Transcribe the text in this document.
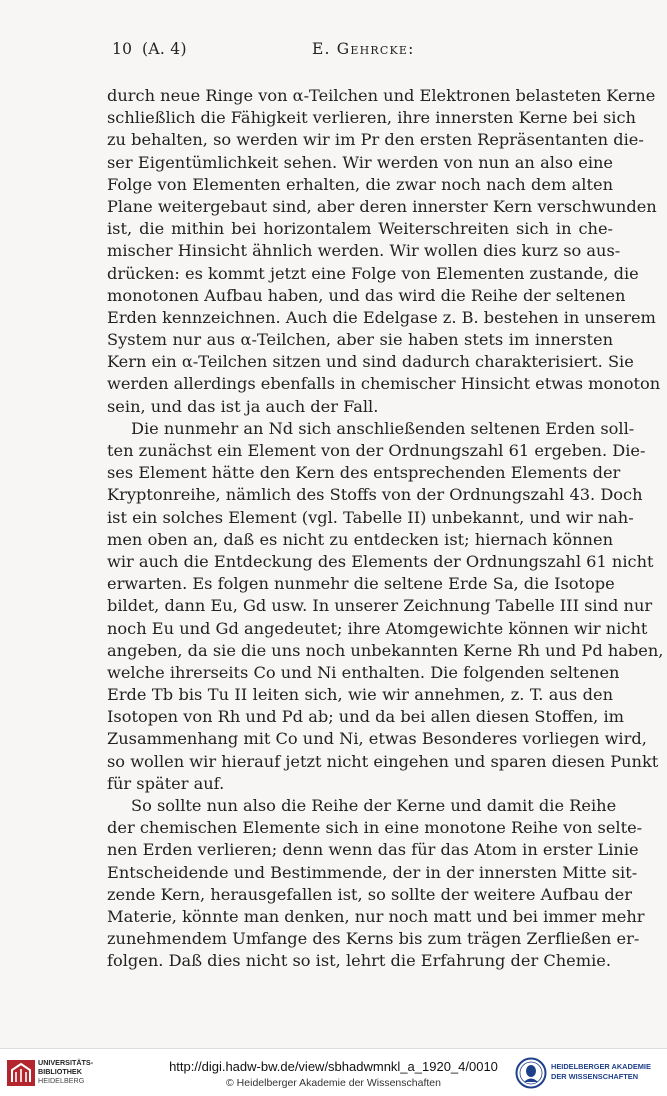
10 (A. 4)	E. Gehrcke:
durch neue Ringe von α-Teilchen und Elektronen belasteten Kerne
schließlich die Fähigkeit verlieren, ihre innersten Kerne bei sich
zu behalten, so werden wir im Pr den ersten Repräsentanten die-
ser Eigentümlichkeit sehen. Wir werden von nun an also eine
Folge von Elementen erhalten, die zwar noch nach dem alten
Plane weitergebaut sind, aber deren innerster Kern verschwunden
ist, die mithin bei horizontalem Weiterschreiten sich in che-
mischer Hinsicht ähnlich werden. Wir wollen dies kurz so aus-
drücken: es kommt jetzt eine Folge von Elementen zustande, die
monotonen Aufbau haben, und das wird die Reihe der seltenen
Erden kennzeichnen. Auch die Edelgase z. B. bestehen in unserem
System nur aus α-Teilchen, aber sie haben stets im innersten
Kern ein α-Teilchen sitzen und sind dadurch charakterisiert. Sie
werden allerdings ebenfalls in chemischer Hinsicht etwas monoton
sein, und das ist ja auch der Fall.
Die nunmehr an Nd sich anschließenden seltenen Erden soll-
ten zunächst ein Element von der Ordnungszahl 61 ergeben. Die-
ses Element hätte den Kern des entsprechenden Elements der
Kryptonreihe, nämlich des Stoffs von der Ordnungszahl 43. Doch
ist ein solches Element (vgl. Tabelle II) unbekannt, und wir nah-
men oben an, daß es nicht zu entdecken ist; hiernach können
wir auch die Entdeckung des Elements der Ordnungszahl 61 nicht
erwarten. Es folgen nunmehr die seltene Erde Sa, die Isotope
bildet, dann Eu, Gd usw. In unserer Zeichnung Tabelle III sind nur
noch Eu und Gd angedeutet; ihre Atomgewichte können wir nicht
angeben, da sie die uns noch unbekannten Kerne Rh und Pd haben,
welche ihrerseits Co und Ni enthalten. Die folgenden seltenen
Erde Tb bis Tu II leiten sich, wie wir annehmen, z. T. aus den
Isotopen von Rh und Pd ab; und da bei allen diesen Stoffen, im
Zusammenhang mit Co und Ni, etwas Besonderes vorliegen wird,
so wollen wir hierauf jetzt nicht eingehen und sparen diesen Punkt
für später auf.
So sollte nun also die Reihe der Kerne und damit die Reihe
der chemischen Elemente sich in eine monotone Reihe von selte-
nen Erden verlieren; denn wenn das für das Atom in erster Linie
Entscheidende und Bestimmende, der in der innersten Mitte sit-
zende Kern, herausgefallen ist, so sollte der weitere Aufbau der
Materie, könnte man denken, nur noch matt und bei immer mehr
zunehmendem Umfange des Kerns bis zum trägen Zerfließen er-
folgen. Daß dies nicht so ist, lehrt die Erfahrung der Chemie.
UNIVERSITÄTS-
BIBLIOTHEK
HEIDELBERG
http://digi.hadw-bw.de/view/sbhadwmnkl_a_1920_4/0010
© Heidelberger Akademie der Wissenschaften
HEIDELBERGER AKADEMIE
DER WISSENSCHAFTEN
